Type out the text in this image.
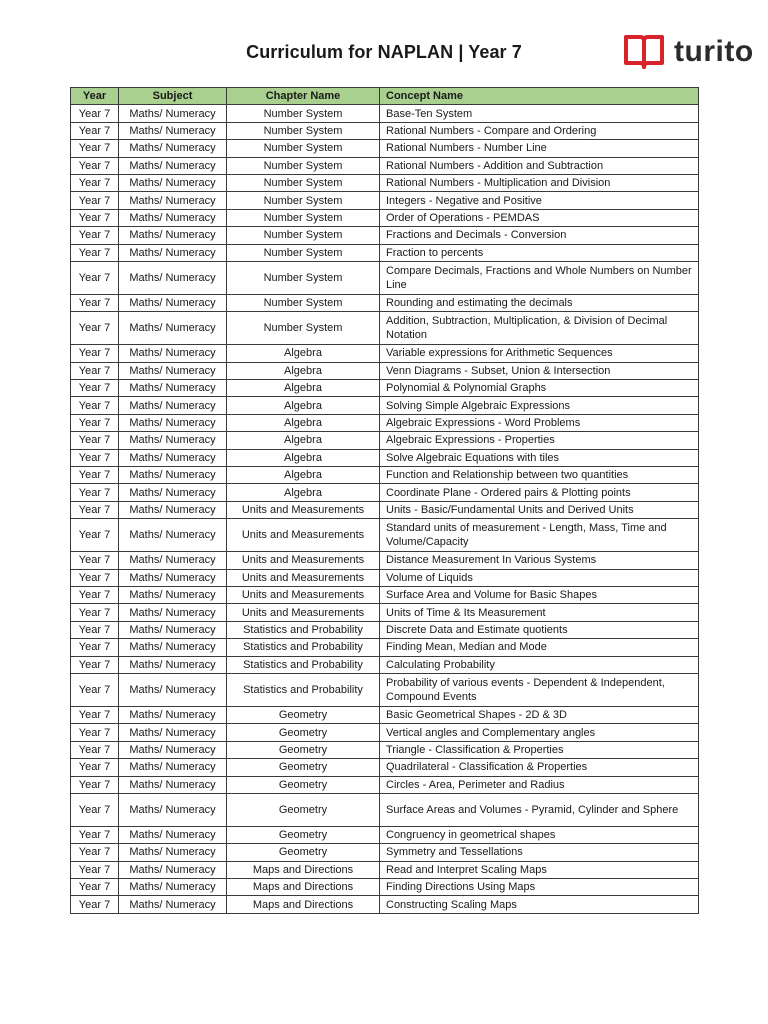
Curriculum for NAPLAN | Year 7	turito
Year	Subject	Chapter Name	Concept Name
Year 7	Maths/ Numeracy	Number System	Base-Ten System
Year 7	Maths/ Numeracy	Number System	Rational Numbers - Compare and Ordering
Year 7	Maths/ Numeracy	Number System	Rational Numbers - Number Line
Year 7	Maths/ Numeracy	Number System	Rational Numbers - Addition and Subtraction
Year 7	Maths/ Numeracy	Number System	Rational Numbers - Multiplication and Division
Year 7	Maths/ Numeracy	Number System	Integers - Negative and Positive
Year 7	Maths/ Numeracy	Number System	Order of Operations - PEMDAS
Year 7	Maths/ Numeracy	Number System	Fractions and Decimals - Conversion
Year 7	Maths/ Numeracy	Number System	Fraction to percents
Year 7	Maths/ Numeracy	Number System	Compare Decimals, Fractions and Whole Numbers on Number Line
Year 7	Maths/ Numeracy	Number System	Rounding and estimating the decimals
Year 7	Maths/ Numeracy	Number System	Addition, Subtraction, Multiplication, & Division of Decimal Notation
Year 7	Maths/ Numeracy	Algebra	Variable expressions for Arithmetic Sequences
Year 7	Maths/ Numeracy	Algebra	Venn Diagrams - Subset, Union & Intersection
Year 7	Maths/ Numeracy	Algebra	Polynomial & Polynomial Graphs
Year 7	Maths/ Numeracy	Algebra	Solving Simple Algebraic Expressions
Year 7	Maths/ Numeracy	Algebra	Algebraic Expressions - Word Problems
Year 7	Maths/ Numeracy	Algebra	Algebraic Expressions - Properties
Year 7	Maths/ Numeracy	Algebra	Solve Algebraic Equations with tiles
Year 7	Maths/ Numeracy	Algebra	Function and Relationship between two quantities
Year 7	Maths/ Numeracy	Algebra	Coordinate Plane - Ordered pairs & Plotting points
Year 7	Maths/ Numeracy	Units and Measurements	Units - Basic/Fundamental Units and Derived Units
Year 7	Maths/ Numeracy	Units and Measurements	Standard units of measurement - Length, Mass, Time and Volume/Capacity
Year 7	Maths/ Numeracy	Units and Measurements	Distance Measurement In Various Systems
Year 7	Maths/ Numeracy	Units and Measurements	Volume of Liquids
Year 7	Maths/ Numeracy	Units and Measurements	Surface Area and Volume for Basic Shapes
Year 7	Maths/ Numeracy	Units and Measurements	Units of Time & Its Measurement
Year 7	Maths/ Numeracy	Statistics and Probability	Discrete Data and Estimate quotients
Year 7	Maths/ Numeracy	Statistics and Probability	Finding Mean, Median and Mode
Year 7	Maths/ Numeracy	Statistics and Probability	Calculating Probability
Year 7	Maths/ Numeracy	Statistics and Probability	Probability of various events - Dependent & Independent, Compound Events
Year 7	Maths/ Numeracy	Geometry	Basic Geometrical Shapes - 2D & 3D
Year 7	Maths/ Numeracy	Geometry	Vertical angles and Complementary angles
Year 7	Maths/ Numeracy	Geometry	Triangle - Classification & Properties
Year 7	Maths/ Numeracy	Geometry	Quadrilateral - Classification & Properties
Year 7	Maths/ Numeracy	Geometry	Circles - Area, Perimeter and Radius
Year 7	Maths/ Numeracy	Geometry	Surface Areas and Volumes - Pyramid, Cylinder and Sphere
Year 7	Maths/ Numeracy	Geometry	Congruency in geometrical shapes
Year 7	Maths/ Numeracy	Geometry	Symmetry and Tessellations
Year 7	Maths/ Numeracy	Maps and Directions	Read and Interpret Scaling Maps
Year 7	Maths/ Numeracy	Maps and Directions	Finding Directions Using Maps
Year 7	Maths/ Numeracy	Maps and Directions	Constructing Scaling Maps
